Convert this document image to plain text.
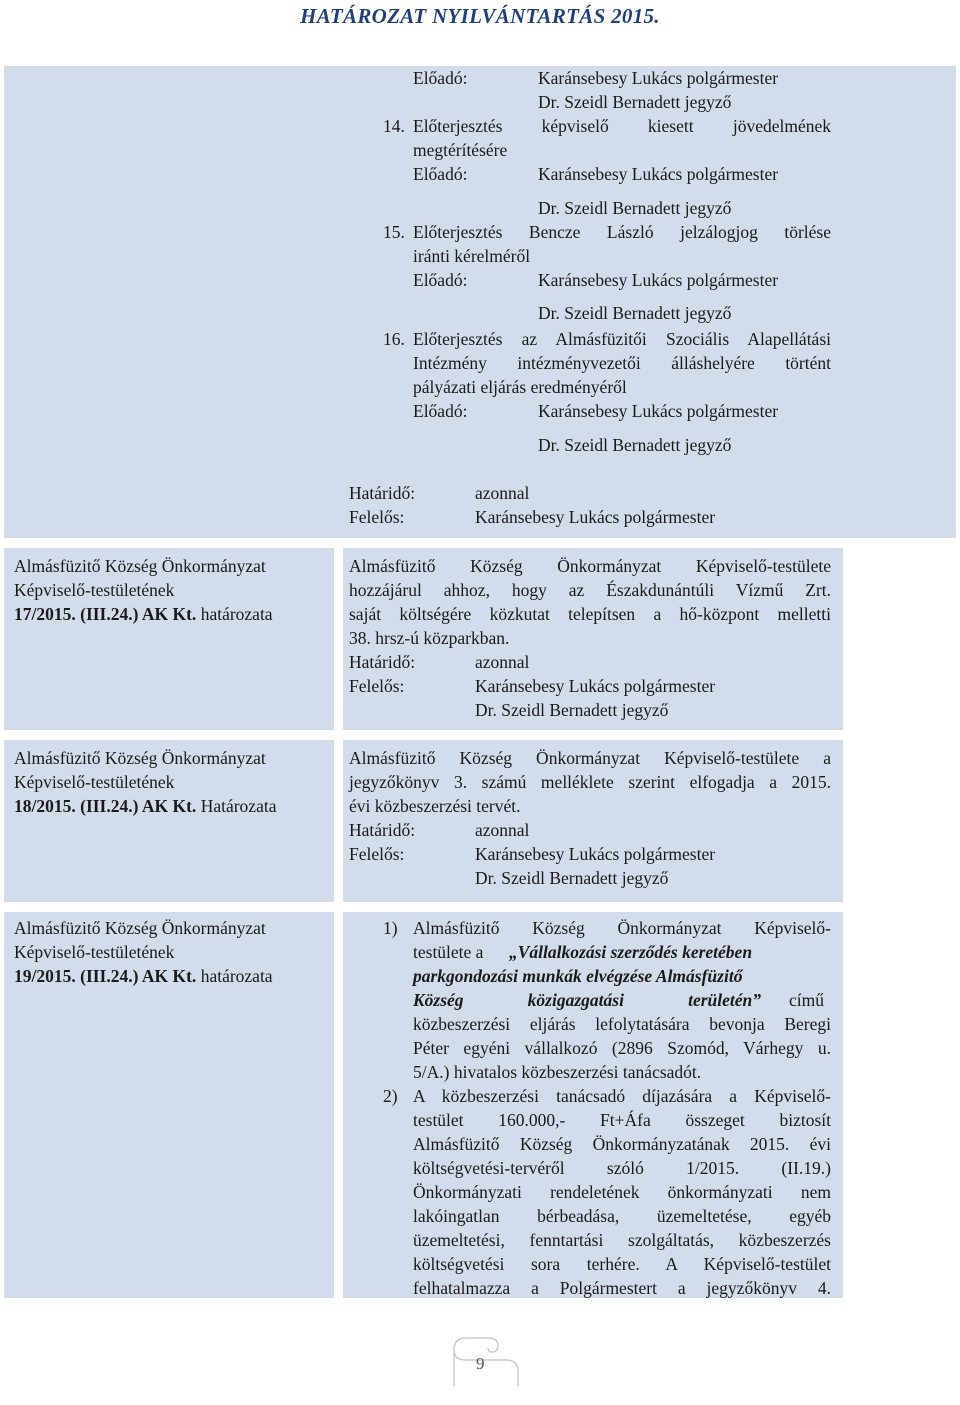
HATÁROZAT NYILVÁNTARTÁS 2015.
Előadó:	Karánsebesy Lukács polgármester
Dr. Szeidl Bernadett jegyző
14. Előterjesztés képviselő kiesett jövedelmének
megtérítésére
Előadó:	Karánsebesy Lukács polgármester
Dr. Szeidl Bernadett jegyző
15. Előterjesztés Bencze László jelzálogjog törlése
iránti kérelméről
Előadó:	Karánsebesy Lukács polgármester
Dr. Szeidl Bernadett jegyző
16. Előterjesztés az Almásfüzitői Szociális Alapellátási
Intézmény intézményvezetői álláshelyére történt
pályázati eljárás eredményéről
Előadó:	Karánsebesy Lukács polgármester
Dr. Szeidl Bernadett jegyző
Határidő:	azonnal
Felelős:	Karánsebesy Lukács polgármester
Almásfüzitő Község Önkormányzat
Képviselő-testületének
17/2015. (III.24.) AK Kt. határozata
Almásfüzitő Község Önkormányzat Képviselő-testülete
hozzájárul ahhoz, hogy az Északdunántúli Vízmű Zrt.
saját költségére közkutat telepítsen a hő-központ melletti
38. hrsz-ú közparkban.
Határidő:	azonnal
Felelős:	Karánsebesy Lukács polgármester
Dr. Szeidl Bernadett jegyző
Almásfüzitő Község Önkormányzat
Képviselő-testületének
18/2015. (III.24.) AK Kt. Határozata
Almásfüzitő Község Önkormányzat Képviselő-testülete a
jegyzőkönyv 3. számú melléklete szerint elfogadja a 2015.
évi közbeszerzési tervét.
Határidő:	azonnal
Felelős:	Karánsebesy Lukács polgármester
Dr. Szeidl Bernadett jegyző
Almásfüzitő Község Önkormányzat
Képviselő-testületének
19/2015. (III.24.) AK Kt. határozata
1) Almásfüzitő Község Önkormányzat Képviselő-
testülete a „Vállalkozási szerződés keretében
parkgondozási munkák elvégzése Almásfüzitő
Község közigazgatási területén” című
közbeszerzési eljárás lefolytatására bevonja Beregi
Péter egyéni vállalkozó (2896 Szomód, Várhegy u.
5/A.) hivatalos közbeszerzési tanácsadót.
2) A közbeszerzési tanácsadó díjazására a Képviselő-
testület 160.000,- Ft+Áfa összeget biztosít
Almásfüzitő Község Önkormányzatának 2015. évi
költségvetési-tervéről szóló 1/2015. (II.19.)
Önkormányzati rendeletének önkormányzati nem
lakóingatlan bérbeadása, üzemeltetése, egyéb
üzemeltetési, fenntartási szolgáltatás, közbeszerzés
költségvetési sora terhére. A Képviselő-testület
felhatalmazza a Polgármestert a jegyzőkönyv 4.
9
